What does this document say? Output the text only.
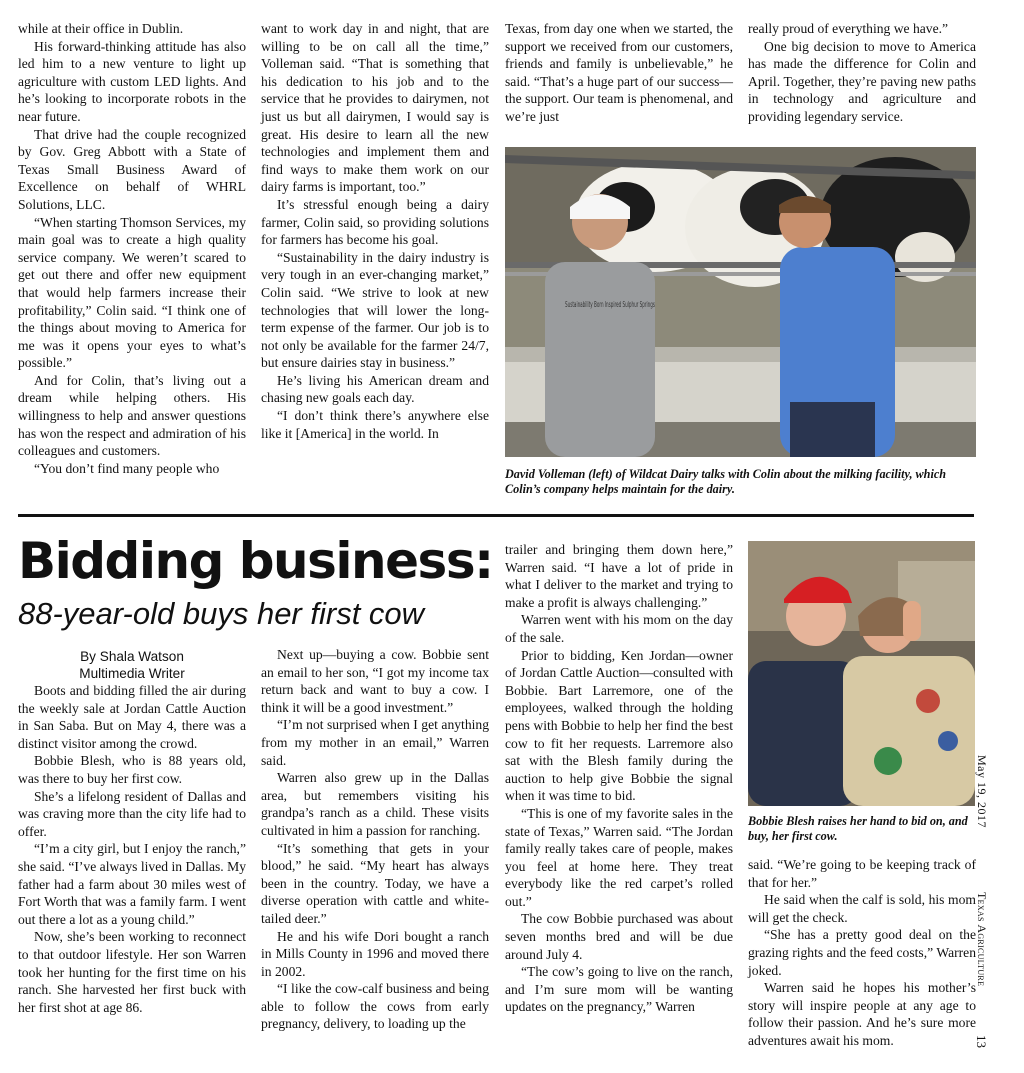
while at their office in Dublin.

His forward-thinking attitude has also led him to a new venture to light up agriculture with custom LED lights. And he’s looking to incorporate robots in the near future.

That drive had the couple recognized by Gov. Greg Abbott with a State of Texas Small Business Award of Excellence on behalf of WHRL Solutions, LLC.

“When starting Thomson Services, my main goal was to create a high quality service company. We weren’t scared to get out there and offer new equipment that would help farmers increase their profitability,” Colin said. “I think one of the things about moving to America for me was it opens your eyes to what’s possible.”

And for Colin, that’s living out a dream while helping others. His willingness to help and answer questions has won the respect and admiration of his colleagues and customers.

“You don’t find many people who

want to work day in and night, that are willing to be on call all the time,” Volleman said. “That is something that his dedication to his job and to the service that he provides to dairymen, not just us but all dairymen, I would say is great. His desire to learn all the new technologies and implement them and find ways to make them work on our dairy farms is important, too.”

It’s stressful enough being a dairy farmer, Colin said, so providing solutions for farmers has become his goal.

“Sustainability in the dairy industry is very tough in an ever-changing market,” Colin said. “We strive to look at new technologies that will lower the long-term expense of the farmer. Our job is to not only be available for the farmer 24/7, but ensure dairies stay in business.”

He’s living his American dream and chasing new goals each day.

“I don’t think there’s anywhere else like it [America] in the world. In

Texas, from day one when we started, the support we received from our customers, friends and family is unbelievable,” he said. “That’s a huge part of our success—the support. Our team is phenomenal, and we’re just

really proud of everything we have.”

One big decision to move to America has made the difference for Colin and April. Together, they’re paving new paths in technology and agriculture and providing legendary service.

Sustainability Born Inspired Sulphur Springs
David Volleman (left) of Wildcat Dairy talks with Colin about the milking facility, which Colin’s company helps maintain for the dairy.
Bidding business:
88-year-old buys her first cow
By Shala Watson
Multimedia Writer

Boots and bidding filled the air during the weekly sale at Jordan Cattle Auction in San Saba. But on May 4, there was a distinct visitor among the crowd.

Bobbie Blesh, who is 88 years old, was there to buy her first cow.

She’s a lifelong resident of Dallas and was craving more than the city life had to offer.

“I’m a city girl, but I enjoy the ranch,” she said. “I’ve always lived in Dallas. My father had a farm about 30 miles west of Fort Worth that was a family farm. I went out there a lot as a young child.”

Now, she’s been working to reconnect to that outdoor lifestyle. Her son Warren took her hunting for the first time on his ranch. She harvested her first buck with her first shot at age 86.

Next up—buying a cow. Bobbie sent an email to her son, “I got my income tax return back and want to buy a cow. I think it will be a good investment.”

“I’m not surprised when I get anything from my mother in an email,” Warren said.

Warren also grew up in the Dallas area, but remembers visiting his grandpa’s ranch as a child. These visits cultivated in him a passion for ranching.

“It’s something that gets in your blood,” he said. “My heart has always been in the country. Today, we have a diverse operation with cattle and white-tailed deer.”

He and his wife Dori bought a ranch in Mills County in 1996 and moved there in 2002.

“I like the cow-calf business and being able to follow the cows from early pregnancy, delivery, to loading up the

trailer and bringing them down here,” Warren said. “I have a lot of pride in what I deliver to the market and trying to make a profit is always challenging.”

Warren went with his mom on the day of the sale.

Prior to bidding, Ken Jordan—owner of Jordan Cattle Auction—consulted with Bobbie. Bart Larremore, one of the employees, walked through the holding pens with Bobbie to help her find the best cow to fit her requests. Larremore also sat with the Blesh family during the auction to help give Bobbie the signal when it was time to bid.

“This is one of my favorite sales in the state of Texas,” Warren said. “The Jordan family really takes care of people, makes you feel at home here. They treat everybody like the red carpet’s rolled out.”

The cow Bobbie purchased was about seven months bred and will be due around July 4.

“The cow’s going to live on the ranch, and I’m sure mom will be wanting updates on the pregnancy,” Warren

said. “We’re going to be keeping track of that for her.”

He said when the calf is sold, his mom will get the check.

“She has a pretty good deal on the grazing rights and the feed costs,” Warren joked.

Warren said he hopes his mother’s story will inspire people at any age to follow their passion. And he’s sure more adventures await his mom.

Bobbie Blesh raises her hand to bid on, and buy, her first cow.
May 19, 2017
Texas Agriculture
13
